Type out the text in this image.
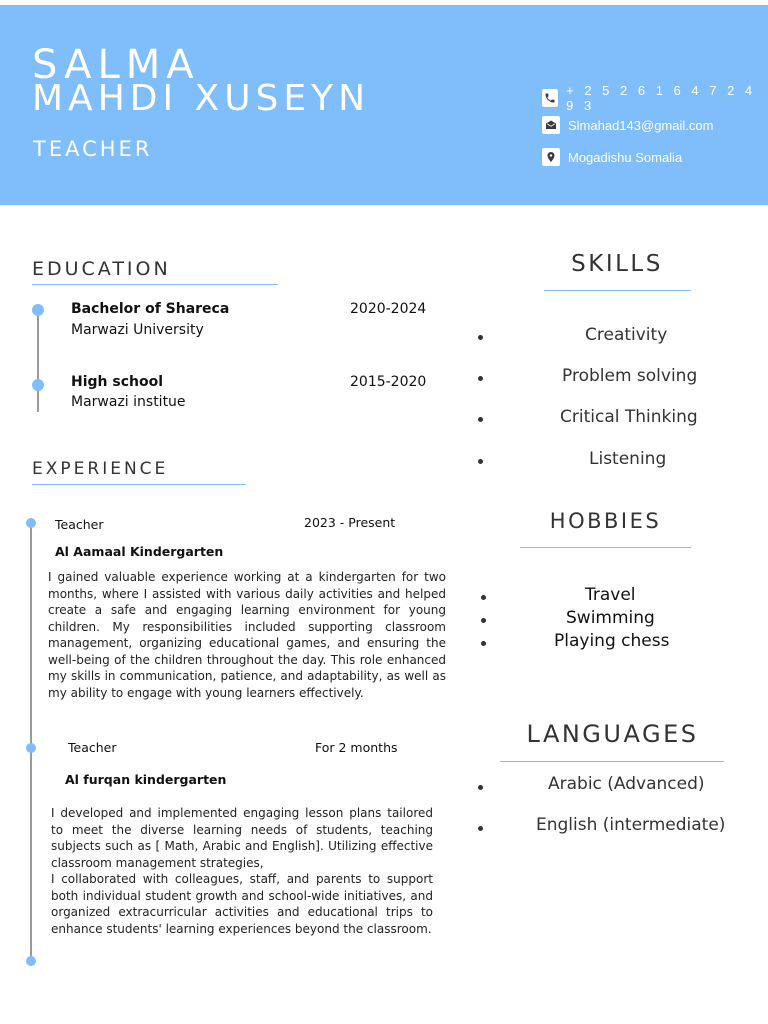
SALMA
MAHDI XUSEYN
TEACHER
+ 2 5 2 6 1 6 4 7 2 4 9 3
Slmahad143@gmail.com
Mogadishu Somalia
EDUCATION
Bachelor of Shareca
Marwazi University
2020-2024
High school
Marwazi institue
2015-2020
EXPERIENCE
Teacher	2023 - Present
Al Aamaal Kindergarten
I gained valuable experience working at a kindergarten for two months, where I assisted with various daily activities and helped create a safe and engaging learning environment for young children. My responsibilities included supporting classroom management, organizing educational games, and ensuring the well-being of the children throughout the day. This role enhanced my skills in communication, patience, and adaptability, as well as my ability to engage with young learners effectively.
Teacher	For 2 months
Al furqan kindergarten
I developed and implemented engaging lesson plans tailored to meet the diverse learning needs of students, teaching subjects such as [ Math, Arabic and English]. Utilizing effective classroom management strategies,
I collaborated with colleagues, staff, and parents to support both individual student growth and school-wide initiatives, and organized extracurricular activities and educational trips to enhance students' learning experiences beyond the classroom.
SKILLS
Creativity
Problem solving
Critical Thinking
Listening
HOBBIES
Travel
Swimming
Playing chess
LANGUAGES
Arabic (Advanced)
English (intermediate)
